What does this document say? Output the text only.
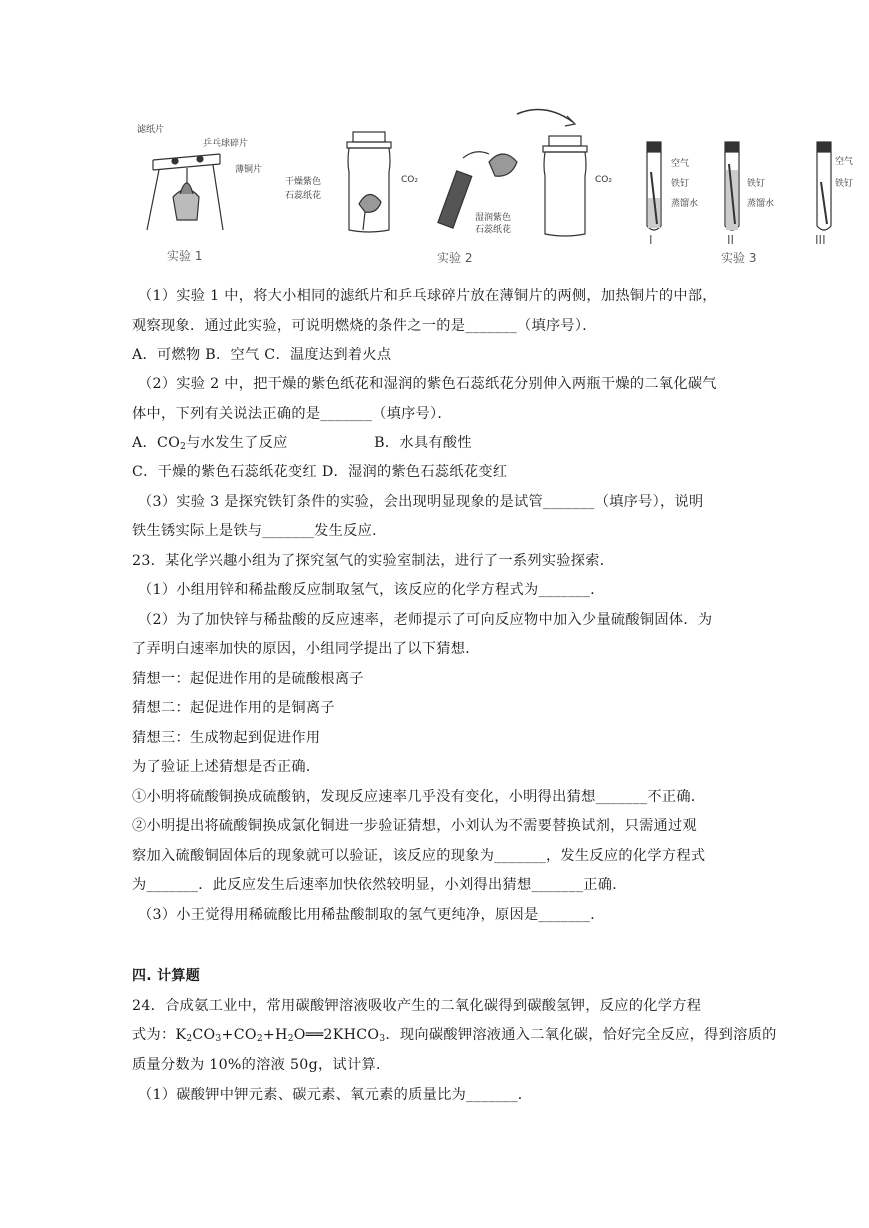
滤纸片
乒乓球碎片
薄铜片
实验 1
干燥紫色
石蕊纸花
CO₂
湿润紫色
石蕊纸花
CO₂
实验 2
空气
铁钉
蒸馏水
铁钉
蒸馏水
空气
铁钉
I	II	III
实验 3
（1）实验 1 中，将大小相同的滤纸片和乒乓球碎片放在薄铜片的两侧，加热铜片的中部，
观察现象．通过此实验，可说明燃烧的条件之一的是_______（填序号）．
A．可燃物 B．空气 C．温度达到着火点
（2）实验 2 中，把干燥的紫色纸花和湿润的紫色石蕊纸花分别伸入两瓶干燥的二氧化碳气
体中，下列有关说法正确的是_______（填序号）．
A．$CO_2$与水发生了反应	B．水具有酸性
C．干燥的紫色石蕊纸花变红 D．湿润的紫色石蕊纸花变红
（3）实验 3 是探究铁钉条件的实验，会出现明显现象的是试管_______（填序号），说明
铁生锈实际上是铁与_______发生反应．
23．某化学兴趣小组为了探究氢气的实验室制法，进行了一系列实验探索．
（1）小组用锌和稀盐酸反应制取氢气，该反应的化学方程式为_______．
（2）为了加快锌与稀盐酸的反应速率，老师提示了可向反应物中加入少量硫酸铜固体．为
了弄明白速率加快的原因，小组同学提出了以下猜想．
猜想一：起促进作用的是硫酸根离子
猜想二：起促进作用的是铜离子
猜想三：生成物起到促进作用
为了验证上述猜想是否正确．
①小明将硫酸铜换成硫酸钠，发现反应速率几乎没有变化，小明得出猜想_______不正确．
②小明提出将硫酸铜换成氯化铜进一步验证猜想，小刘认为不需要替换试剂，只需通过观
察加入硫酸铜固体后的现象就可以验证，该反应的现象为_______，发生反应的化学方程式
为_______．此反应发生后速率加快依然较明显，小刘得出猜想_______正确．
（3）小王觉得用稀硫酸比用稀盐酸制取的氢气更纯净，原因是_______．
四. 计算题
24．合成氨工业中，常用碳酸钾溶液吸收产生的二氧化碳得到碳酸氢钾，反应的化学方程
式为：$K_2CO_3+CO_2+H_2O══2KHCO_3$．现向碳酸钾溶液通入二氧化碳，恰好完全反应，得到溶质的
质量分数为 10%的溶液 50g，试计算．
（1）碳酸钾中钾元素、碳元素、氧元素的质量比为_______．
